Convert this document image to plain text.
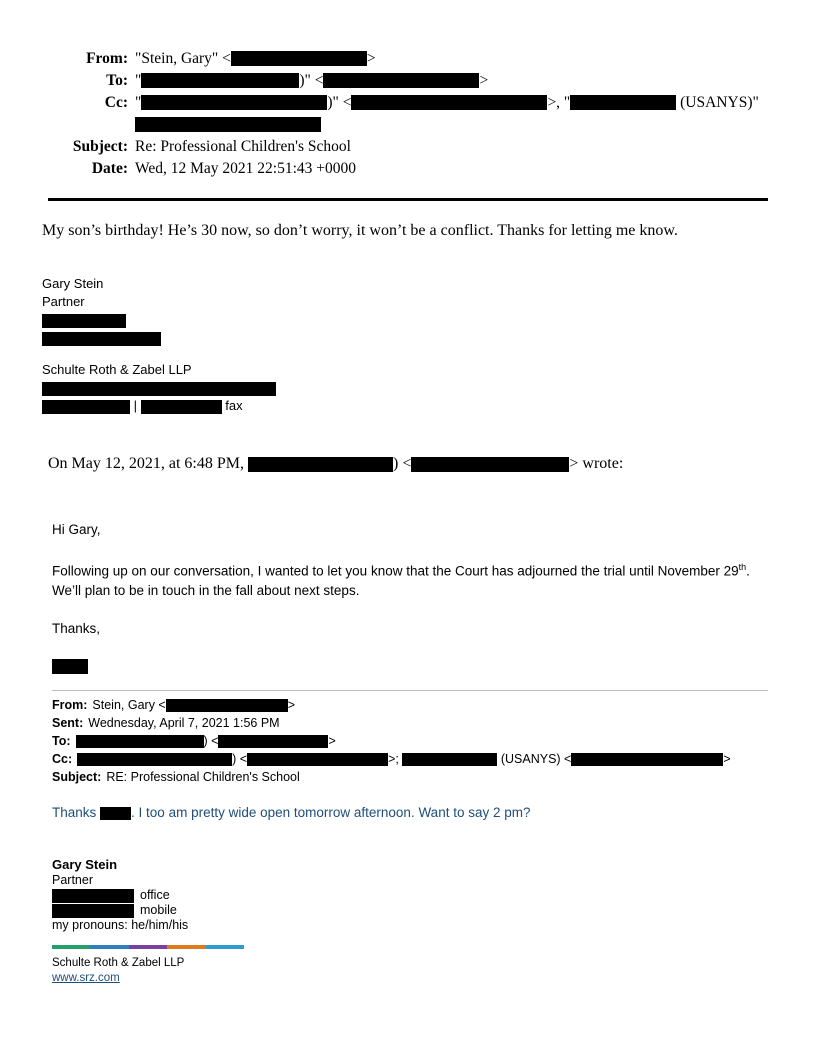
From: "Stein, Gary" <	>
To: "	)" <	>
Cc: "	)" <	>, "	(USANYS)"
Subject: Re: Professional Children's School
Date: Wed, 12 May 2021 22:51:43 +0000
My son’s birthday! He’s 30 now, so don’t worry, it won’t be a conflict. Thanks for letting me know.
Gary Stein
Partner
Schulte Roth & Zabel LLP
|	fax
On May 12, 2021, at 6:48 PM,	) <	> wrote:

Hi Gary,

Following up on our conversation, I wanted to let you know that the Court has adjourned the trial until November 29th.
We’ll plan to be in touch in the fall about next steps.

Thanks,

From: Stein, Gary <	>
Sent: Wednesday, April 7, 2021 1:56 PM
To:	) <	>
Cc:	) <	>;

	(USANYS) <	>
Subject: RE: Professional Children's School
Thanks	. I too am pretty wide open tomorrow afternoon. Want to say 2 pm?
Gary Stein
Partner
office
mobile
my pronouns: he/him/his
Schulte Roth & Zabel LLP
www.srz.com
